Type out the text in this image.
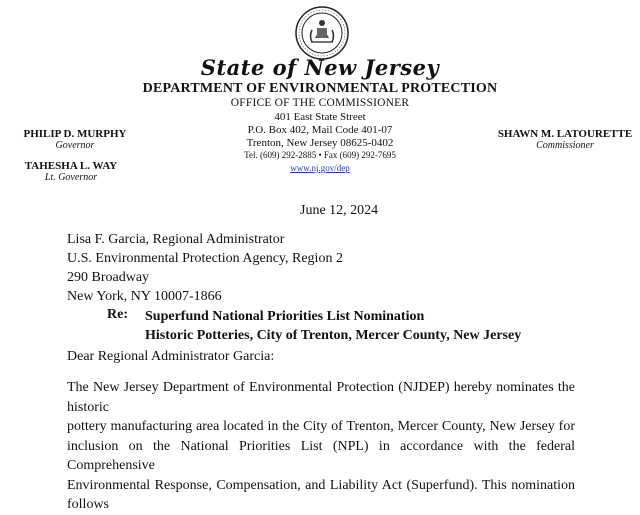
State of New Jersey
DEPARTMENT OF ENVIRONMENTAL PROTECTION
OFFICE OF THE COMMISSIONER
401 East State Street
P.O. Box 402, Mail Code 401-07
Trenton, New Jersey 08625-0402
Tel. (609) 292-2885 • Fax (609) 292-7695
www.nj.gov/dep
PHILIP D. MURPHY
Governor
TAHESHA L. WAY
Lt. Governor
SHAWN M. LATOURETTE
Commissioner
June 12, 2024
Lisa F. Garcia, Regional Administrator
U.S. Environmental Protection Agency, Region 2
290 Broadway
New York, NY 10007-1866
Re: Superfund National Priorities List Nomination
Historic Potteries, City of Trenton, Mercer County, New Jersey
Dear Regional Administrator Garcia:
The New Jersey Department of Environmental Protection (NJDEP) hereby nominates the historic
pottery manufacturing area located in the City of Trenton, Mercer County, New Jersey for
inclusion on the National Priorities List (NPL) in accordance with the federal Comprehensive
Environmental Response, Compensation, and Liability Act (Superfund). This nomination follows
